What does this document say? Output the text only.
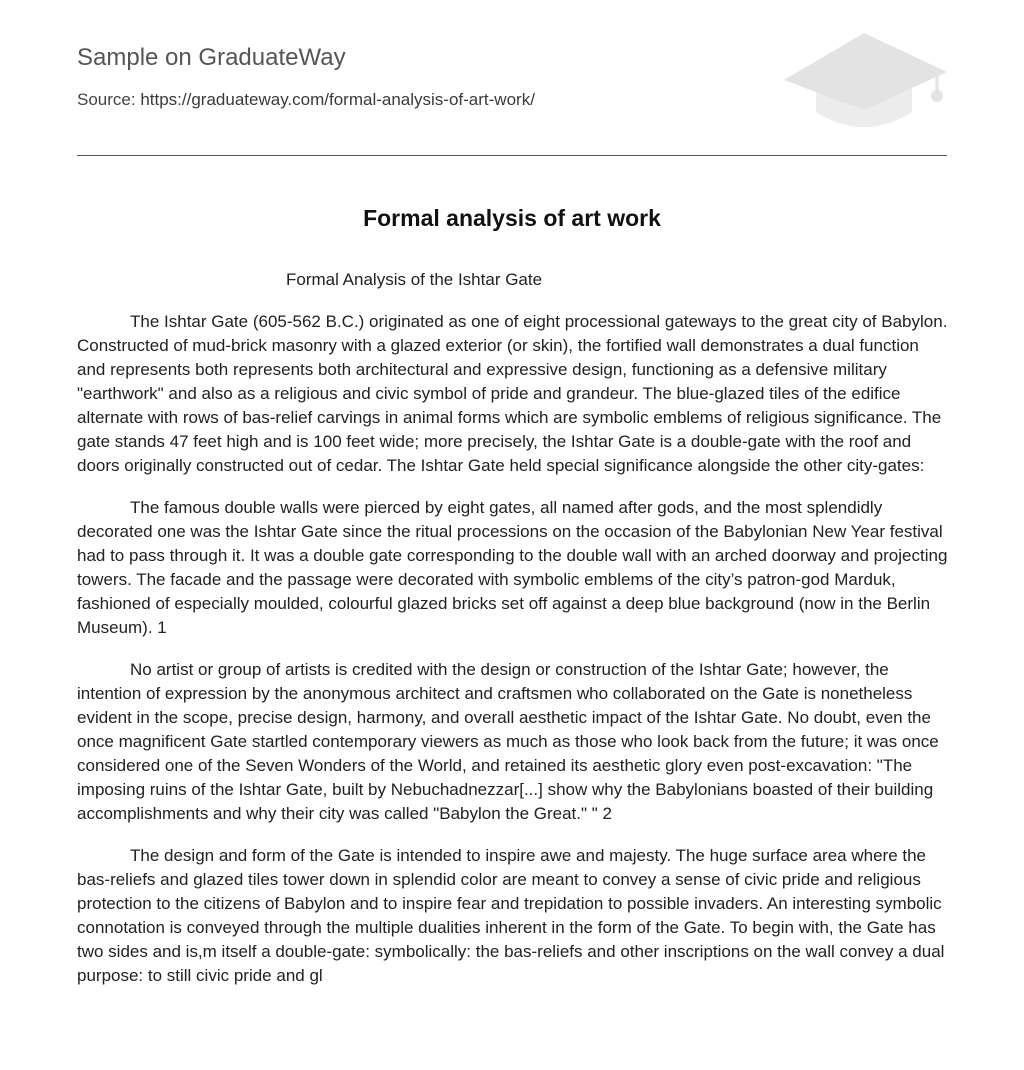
Sample on GraduateWay
Source: https://graduateway.com/formal-analysis-of-art-work/
Formal analysis of art work

Formal Analysis of the Ishtar Gate

The Ishtar Gate (605-562 B.C.) originated as one of eight processional gateways to the great city of Babylon. Constructed of mud-brick masonry with a glazed exterior (or skin), the fortified wall demonstrates a dual function and represents both represents both architectural and expressive design, functioning as a defensive military "earthwork" and also as a religious and civic symbol of pride and grandeur. The blue-glazed tiles of the edifice alternate with rows of bas-relief carvings in animal forms which are symbolic emblems of religious significance. The gate stands 47 feet high and is 100 feet wide; more precisely, the Ishtar Gate is a double-gate with the roof and doors originally constructed out of cedar. The Ishtar Gate held special significance alongside the other city-gates:

The famous double walls were pierced by eight gates, all named after gods, and the most splendidly decorated one was the Ishtar Gate since the ritual processions on the occasion of the Babylonian New Year festival had to pass through it. It was a double gate corresponding to the double wall with an arched doorway and projecting towers. The facade and the passage were decorated with symbolic emblems of the city’s patron-god Marduk, fashioned of especially moulded, colourful glazed bricks set off against a deep blue background (now in the Berlin Museum). 1

No artist or group of artists is credited with the design or construction of the Ishtar Gate; however, the intention of expression by the anonymous architect and craftsmen who collaborated on the Gate is nonetheless evident in the scope, precise design, harmony, and overall aesthetic impact of the Ishtar Gate. No doubt, even the once magnificent Gate startled contemporary viewers as much as those who look back from the future; it was once considered one of the Seven Wonders of the World, and retained its aesthetic glory even post-excavation: "The imposing ruins of the Ishtar Gate, built by Nebuchadnezzar[...] show why the Babylonians boasted of their building accomplishments and why their city was called "Babylon the Great." " 2

The design and form of the Gate is intended to inspire awe and majesty. The huge surface area where the bas-reliefs and glazed tiles tower down in splendid color are meant to convey a sense of civic pride and religious protection to the citizens of Babylon and to inspire fear and trepidation to possible invaders. An interesting symbolic connotation is conveyed through the multiple dualities inherent in the form of the Gate. To begin with, the Gate has two sides and is,m itself a double-gate: symbolically: the bas-reliefs and other inscriptions on the wall convey a dual purpose: to still civic pride and gl
